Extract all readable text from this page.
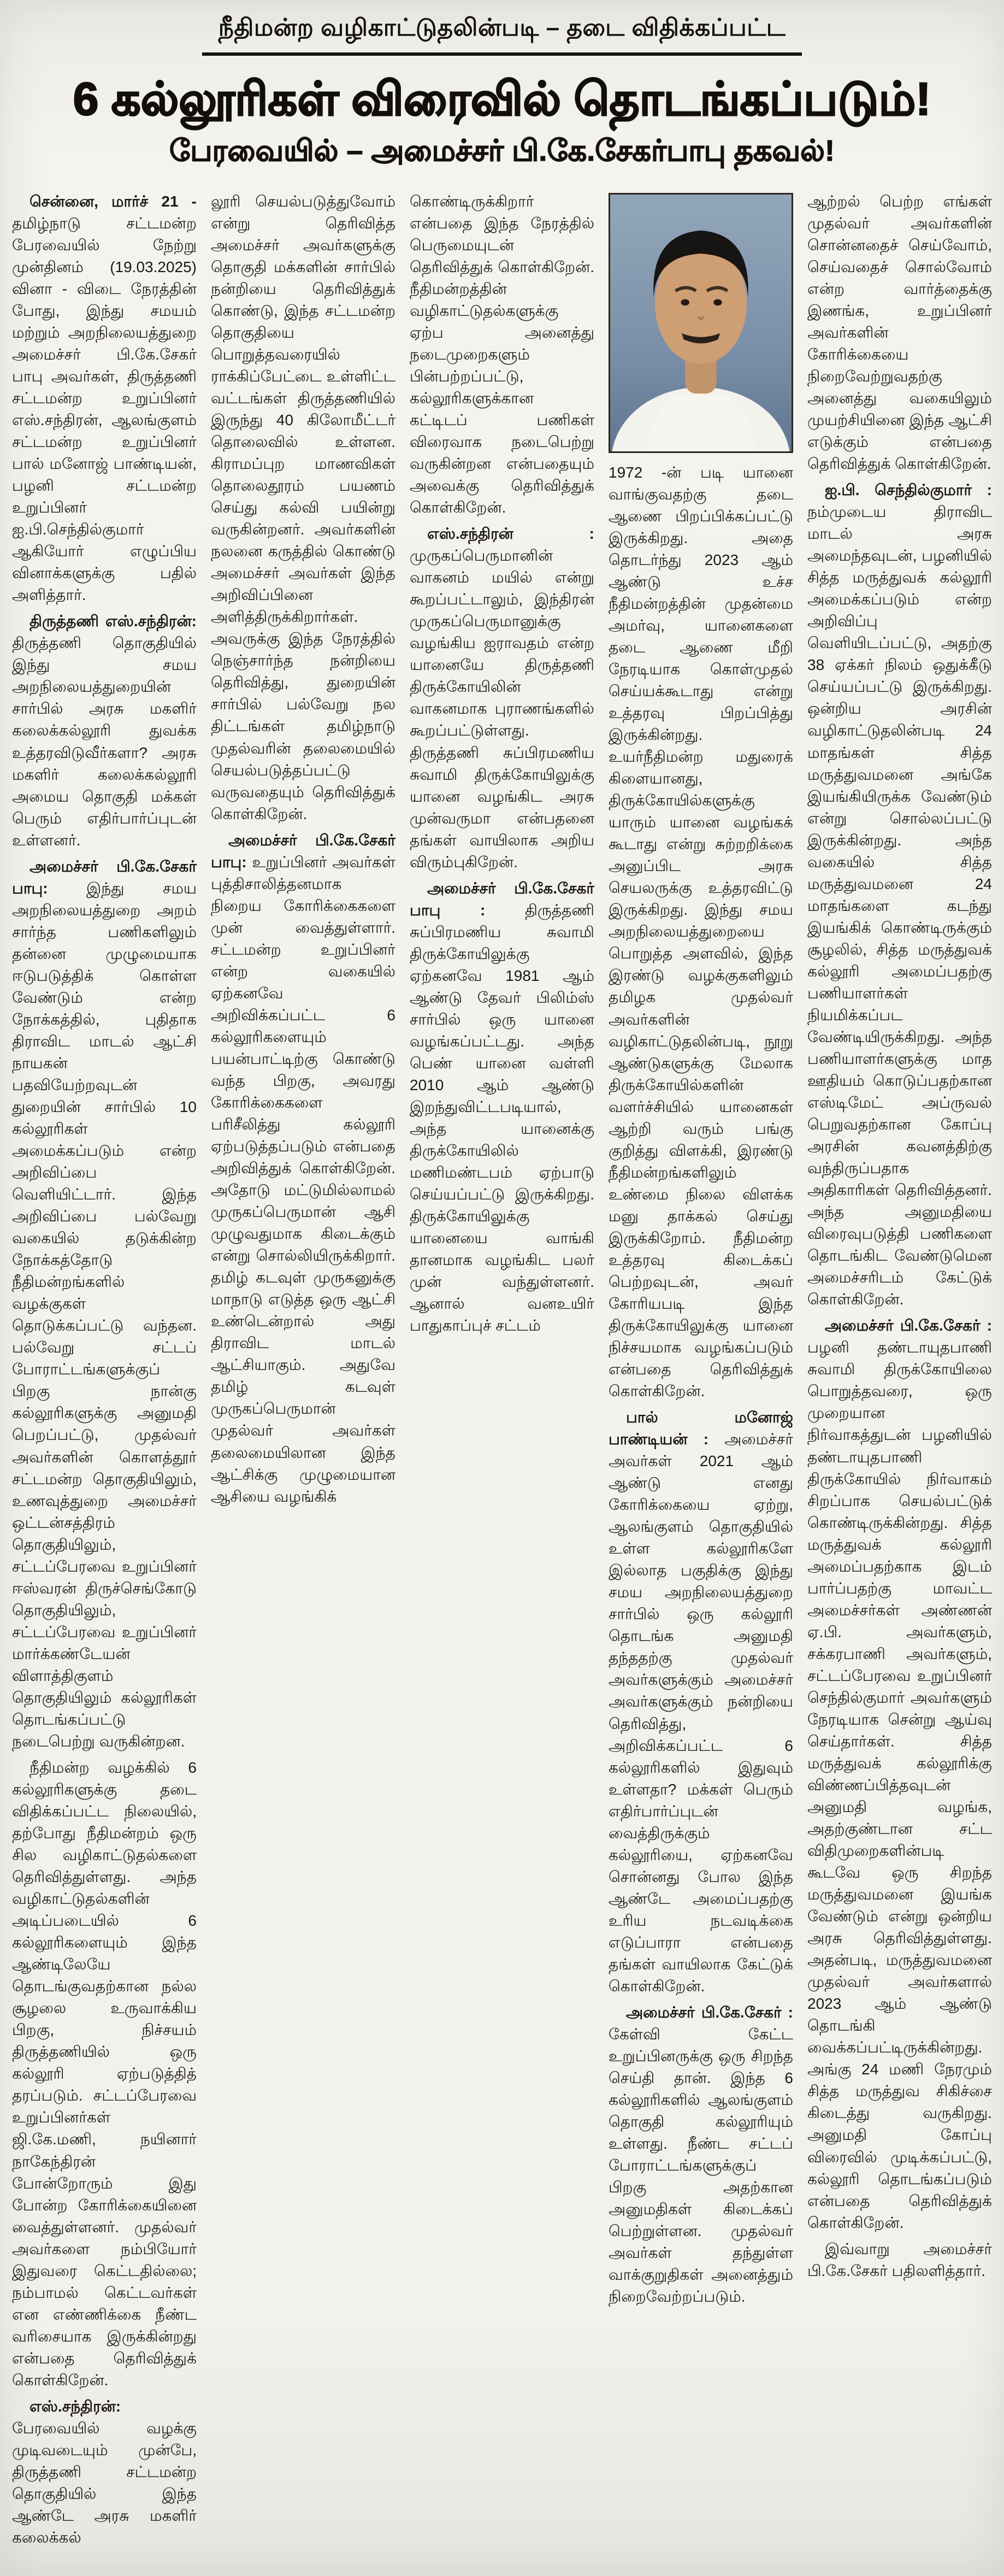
நீதிமன்ற வழிகாட்டுதலின்படி – தடை விதிக்கப்பட்ட
6 கல்லூரிகள் விரைவில் தொடங்கப்படும்!
பேரவையில் – அமைச்சர் பி.கே.சேகர்பாபு தகவல்!

சென்னை, மார்ச் 21 - தமிழ்நாடு சட்டமன்ற பேரவையில் நேற்று முன்தினம் (19.03.2025) வினா - விடை நேரத்தின் போது, இந்து சமயம் மற்றும் அறநிலையத்துறை அமைச்சர் பி.கே.சேகர் பாபு அவர்கள், திருத்தணி சட்டமன்ற உறுப்பினர் எஸ்.சந்திரன், ஆலங்குளம் சட்டமன்ற உறுப்பினர் பால் மனோஜ் பாண்டியன், பழனி சட்டமன்ற உறுப்பினர் ஐ.பி.செந்தில்குமார் ஆகியோர் எழுப்பிய வினாக்களுக்கு பதில் அளித்தார்.

திருத்தணி எஸ்.சந்திரன்: திருத்தணி தொகுதியில் இந்து சமய அறநிலையத்துறையின் சார்பில் அரசு மகளிர் கலைக்கல்லூரி துவக்க உத்தரவிடுவீர்களா? அரசு மகளிர் கலைக்கல்லூரி அமைய தொகுதி மக்கள் பெரும் எதிர்பார்ப்புடன் உள்ளனர்.

அமைச்சர் பி.கே.சேகர் பாபு: இந்து சமய அறநிலையத்துறை அறம் சார்ந்த பணிகளிலும் தன்னை முழுமையாக ஈடுபடுத்திக் கொள்ள வேண்டும் என்ற நோக்கத்தில், புதிதாக திராவிட மாடல் ஆட்சி நாயகன் பதவியேற்றவுடன் துறையின் சார்பில் 10 கல்லூரிகள் அமைக்கப்படும் என்ற அறிவிப்பை வெளியிட்டார். இந்த அறிவிப்பை பல்வேறு வகையில் தடுக்கின்ற நோக்கத்தோடு நீதிமன்றங்களில் வழக்குகள் தொடுக்கப்பட்டு வந்தன. பல்வேறு சட்டப் போராட்டங்களுக்குப் பிறகு நான்கு கல்லூரிகளுக்கு அனுமதி பெறப்பட்டு, முதல்வர் அவர்களின் கொளத்தூர் சட்டமன்ற தொகுதியிலும், உணவுத்துறை அமைச்சர் ஒட்டன்சத்திரம் தொகுதியிலும், சட்டப்பேரவை உறுப்பினர் ஈஸ்வரன் திருச்செங்கோடு தொகுதியிலும், சட்டப்பேரவை உறுப்பினர் மார்க்கண்டேயன் விளாத்திகுளம் தொகுதியிலும் கல்லூரிகள் தொடங்கப்பட்டு நடைபெற்று வருகின்றன.

நீதிமன்ற வழக்கில் 6 கல்லூரிகளுக்கு தடை விதிக்கப்பட்ட நிலையில், தற்போது நீதிமன்றம் ஒரு சில வழிகாட்டுதல்களை தெரிவித்துள்ளது. அந்த வழிகாட்டுதல்களின் அடிப்படையில் 6 கல்லூரிகளையும் இந்த ஆண்டிலேயே தொடங்குவதற்கான நல்ல சூழலை உருவாக்கிய பிறகு, நிச்சயம் திருத்தணியில் ஒரு கல்லூரி ஏற்படுத்தித் தரப்படும். சட்டப்பேரவை உறுப்பினர்கள் ஜி.கே.மணி, நயினார் நாகேந்திரன் போன்றோரும் இது போன்ற கோரிக்கையினை வைத்துள்ளனர். முதல்வர் அவர்களை நம்பியோர் இதுவரை கெட்டதில்லை; நம்பாமல் கெட்டவர்கள் என எண்ணிக்கை நீண்ட வரிசையாக இருக்கின்றது என்பதை தெரிவித்துக் கொள்கிறேன்.

எஸ்.சந்திரன்: பேரவையில் வழக்கு முடிவடையும் முன்பே, திருத்தணி சட்டமன்ற தொகுதியில் இந்த ஆண்டே அரசு மகளிர் கலைக்கல்

லூரி செயல்படுத்துவோம் என்று தெரிவித்த அமைச்சர் அவர்களுக்கு தொகுதி மக்களின் சார்பில் நன்றியை தெரிவித்துக் கொண்டு, இந்த சட்டமன்ற தொகுதியை பொறுத்தவரையில் ராக்கிப்பேட்டை உள்ளிட்ட வட்டங்கள் திருத்தணியில் இருந்து 40 கிலோமீட்டர் தொலைவில் உள்ளன. கிராமப்புற மாணவிகள் தொலைதூரம் பயணம் செய்து கல்வி பயின்று வருகின்றனர். அவர்களின் நலனை கருத்தில் கொண்டு அமைச்சர் அவர்கள் இந்த அறிவிப்பினை அளித்திருக்கிறார்கள். அவருக்கு இந்த நேரத்தில் நெஞ்சார்ந்த நன்றியை தெரிவித்து, துறையின் சார்பில் பல்வேறு நல திட்டங்கள் தமிழ்நாடு முதல்வரின் தலைமையில் செயல்படுத்தப்பட்டு வருவதையும் தெரிவித்துக் கொள்கிறேன்.

அமைச்சர் பி.கே.சேகர் பாபு: உறுப்பினர் அவர்கள் புத்திசாலித்தனமாக நிறைய கோரிக்கைகளை முன் வைத்துள்ளார். சட்டமன்ற உறுப்பினர் என்ற வகையில் ஏற்கனவே அறிவிக்கப்பட்ட 6 கல்லூரிகளையும் பயன்பாட்டிற்கு கொண்டு வந்த பிறகு, அவரது கோரிக்கைகளை பரிசீலித்து கல்லூரி ஏற்படுத்தப்படும் என்பதை அறிவித்துக் கொள்கிறேன். அதோடு மட்டுமில்லாமல் முருகப்பெருமான் ஆசி முழுவதுமாக கிடைக்கும் என்று சொல்லியிருக்கிறார். தமிழ் கடவுள் முருகனுக்கு மாநாடு எடுத்த ஒரு ஆட்சி உண்டென்றால் அது திராவிட மாடல் ஆட்சியாகும். அதுவே தமிழ் கடவுள் முருகப்பெருமான் முதல்வர் அவர்கள் தலைமையிலான இந்த ஆட்சிக்கு முழுமையான ஆசியை வழங்கிக்

கொண்டிருக்கிறார் என்பதை இந்த நேரத்தில் பெருமையுடன் தெரிவித்துக் கொள்கிறேன். நீதிமன்றத்தின் வழிகாட்டுதல்களுக்கு ஏற்ப அனைத்து நடைமுறைகளும் பின்பற்றப்பட்டு, கல்லூரிகளுக்கான கட்டிடப் பணிகள் விரைவாக நடைபெற்று வருகின்றன என்பதையும் அவைக்கு தெரிவித்துக் கொள்கிறேன்.

எஸ்.சந்திரன் : முருகப்பெருமானின் வாகனம் மயில் என்று கூறப்பட்டாலும், இந்திரன் முருகப்பெருமானுக்கு வழங்கிய ஐராவதம் என்ற யானையே திருத்தணி திருக்கோயிலின் வாகனமாக புராணங்களில் கூறப்பட்டுள்ளது. திருத்தணி சுப்பிரமணிய சுவாமி திருக்கோயிலுக்கு யானை வழங்கிட அரசு முன்வருமா என்பதனை தங்கள் வாயிலாக அறிய விரும்புகிறேன்.

அமைச்சர் பி.கே.சேகர் பாபு : திருத்தணி சுப்பிரமணிய சுவாமி திருக்கோயிலுக்கு ஏற்கனவே 1981 ஆம் ஆண்டு தேவர் பிலிம்ஸ் சார்பில் ஒரு யானை வழங்கப்பட்டது. அந்த பெண் யானை வள்ளி 2010 ஆம் ஆண்டு இறந்துவிட்டபடியால், அந்த யானைக்கு திருக்கோயிலில் மணிமண்டபம் ஏற்பாடு செய்யப்பட்டு இருக்கிறது. திருக்கோயிலுக்கு யானையை வாங்கி தானமாக வழங்கிட பலர் முன் வந்துள்ளனர். ஆனால் வனஉயிர் பாதுகாப்புச் சட்டம்

1972 -ன் படி யானை வாங்குவதற்கு தடை ஆணை பிறப்பிக்கப்பட்டு இருக்கிறது. அதை தொடர்ந்து 2023 ஆம் ஆண்டு உச்ச நீதிமன்றத்தின் முதன்மை அமர்வு, யானைகளை தடை ஆணை மீறி நேரடியாக கொள்முதல் செய்யக்கூடாது என்று உத்தரவு பிறப்பித்து இருக்கின்றது. உயர்நீதிமன்ற மதுரைக் கிளையானது, திருக்கோயில்களுக்கு யாரும் யானை வழங்கக் கூடாது என்று சுற்றறிக்கை அனுப்பிட அரசு செயலருக்கு உத்தரவிட்டு இருக்கிறது. இந்து சமய அறநிலையத்துறையை பொறுத்த அளவில், இந்த இரண்டு வழக்குகளிலும் தமிழக முதல்வர் அவர்களின் வழிகாட்டுதலின்படி, நூறு ஆண்டுகளுக்கு மேலாக திருக்கோயில்களின் வளர்ச்சியில் யானைகள் ஆற்றி வரும் பங்கு குறித்து விளக்கி, இரண்டு நீதிமன்றங்களிலும் உண்மை நிலை விளக்க மனு தாக்கல் செய்து இருக்கிறோம். நீதிமன்ற உத்தரவு கிடைக்கப் பெற்றவுடன், அவர் கோரியபடி இந்த திருக்கோயிலுக்கு யானை நிச்சயமாக வழங்கப்படும் என்பதை தெரிவித்துக் கொள்கிறேன்.

பால் மனோஜ் பாண்டியன் : அமைச்சர் அவர்கள் 2021 ஆம் ஆண்டு எனது கோரிக்கையை ஏற்று, ஆலங்குளம் தொகுதியில் உள்ள கல்லூரிகளே இல்லாத பகுதிக்கு இந்து சமய அறநிலையத்துறை சார்பில் ஒரு கல்லூரி தொடங்க அனுமதி தந்ததற்கு முதல்வர் அவர்களுக்கும் அமைச்சர் அவர்களுக்கும் நன்றியை தெரிவித்து, அறிவிக்கப்பட்ட 6 கல்லூரிகளில் இதுவும் உள்ளதா? மக்கள் பெரும் எதிர்பார்ப்புடன் வைத்திருக்கும் கல்லூரியை, ஏற்கனவே சொன்னது போல இந்த ஆண்டே அமைப்பதற்கு உரிய நடவடிக்கை எடுப்பாரா என்பதை தங்கள் வாயிலாக கேட்டுக் கொள்கிறேன்.

அமைச்சர் பி.கே.சேகர் : கேள்வி கேட்ட உறுப்பினருக்கு ஒரு சிறந்த செய்தி தான். இந்த 6 கல்லூரிகளில் ஆலங்குளம் தொகுதி கல்லூரியும் உள்ளது. நீண்ட சட்டப் போராட்டங்களுக்குப் பிறகு அதற்கான அனுமதிகள் கிடைக்கப் பெற்றுள்ளன. முதல்வர் அவர்கள் தந்துள்ள வாக்குறுதிகள் அனைத்தும் நிறைவேற்றப்படும்.

ஆற்றல் பெற்ற எங்கள் முதல்வர் அவர்களின் சொன்னதைச் செய்வோம், செய்வதைச் சொல்வோம் என்ற வார்த்தைக்கு இணங்க, உறுப்பினர் அவர்களின் கோரிக்கையை நிறைவேற்றுவதற்கு அனைத்து வகையிலும் முயற்சியினை இந்த ஆட்சி எடுக்கும் என்பதை தெரிவித்துக் கொள்கிறேன்.

ஐ.பி. செந்தில்குமார் : நம்முடைய திராவிட மாடல் அரசு அமைந்தவுடன், பழனியில் சித்த மருத்துவக் கல்லூரி அமைக்கப்படும் என்ற அறிவிப்பு வெளியிடப்பட்டு, அதற்கு 38 ஏக்கர் நிலம் ஒதுக்கீடு செய்யப்பட்டு இருக்கிறது. ஒன்றிய அரசின் வழிகாட்டுதலின்படி 24 மாதங்கள் சித்த மருத்துவமனை அங்கே இயங்கியிருக்க வேண்டும் என்று சொல்லப்பட்டு இருக்கின்றது. அந்த வகையில் சித்த மருத்துவமனை 24 மாதங்களை கடந்து இயங்கிக் கொண்டிருக்கும் சூழலில், சித்த மருத்துவக் கல்லூரி அமைப்பதற்கு பணியாளர்கள் நியமிக்கப்பட வேண்டியிருக்கிறது. அந்த பணியாளர்களுக்கு மாத ஊதியம் கொடுப்பதற்கான எஸ்டிமேட் அப்ருவல் பெறுவதற்கான கோப்பு அரசின் கவனத்திற்கு வந்திருப்பதாக அதிகாரிகள் தெரிவித்தனர். அந்த அனுமதியை விரைவுபடுத்தி பணிகளை தொடங்கிட வேண்டுமென அமைச்சரிடம் கேட்டுக் கொள்கிறேன்.

அமைச்சர் பி.கே.சேகர் : பழனி தண்டாயுதபாணி சுவாமி திருக்கோயிலை பொறுத்தவரை, ஒரு முறையான நிர்வாகத்துடன் பழனியில் தண்டாயுதபாணி திருக்கோயில் நிர்வாகம் சிறப்பாக செயல்பட்டுக் கொண்டிருக்கின்றது. சித்த மருத்துவக் கல்லூரி அமைப்பதற்காக இடம் பார்ப்பதற்கு மாவட்ட அமைச்சர்கள் அண்ணன் ஏ.பி. அவர்களும், சக்கரபாணி அவர்களும், சட்டப்பேரவை உறுப்பினர் செந்தில்குமார் அவர்களும் நேரடியாக சென்று ஆய்வு செய்தார்கள். சித்த மருத்துவக் கல்லூரிக்கு விண்ணப்பித்தவுடன் அனுமதி வழங்க, அதற்குண்டான சட்ட விதிமுறைகளின்படி கூடவே ஒரு சிறந்த மருத்துவமனை இயங்க வேண்டும் என்று ஒன்றிய அரசு தெரிவித்துள்ளது. அதன்படி, மருத்துவமனை முதல்வர் அவர்களால் 2023 ஆம் ஆண்டு தொடங்கி வைக்கப்பட்டிருக்கின்றது. அங்கு 24 மணி நேரமும் சித்த மருத்துவ சிகிச்சை கிடைத்து வருகிறது. அனுமதி கோப்பு விரைவில் முடிக்கப்பட்டு, கல்லூரி தொடங்கப்படும் என்பதை தெரிவித்துக் கொள்கிறேன்.

இவ்வாறு அமைச்சர் பி.கே.சேகர் பதிலளித்தார்.
